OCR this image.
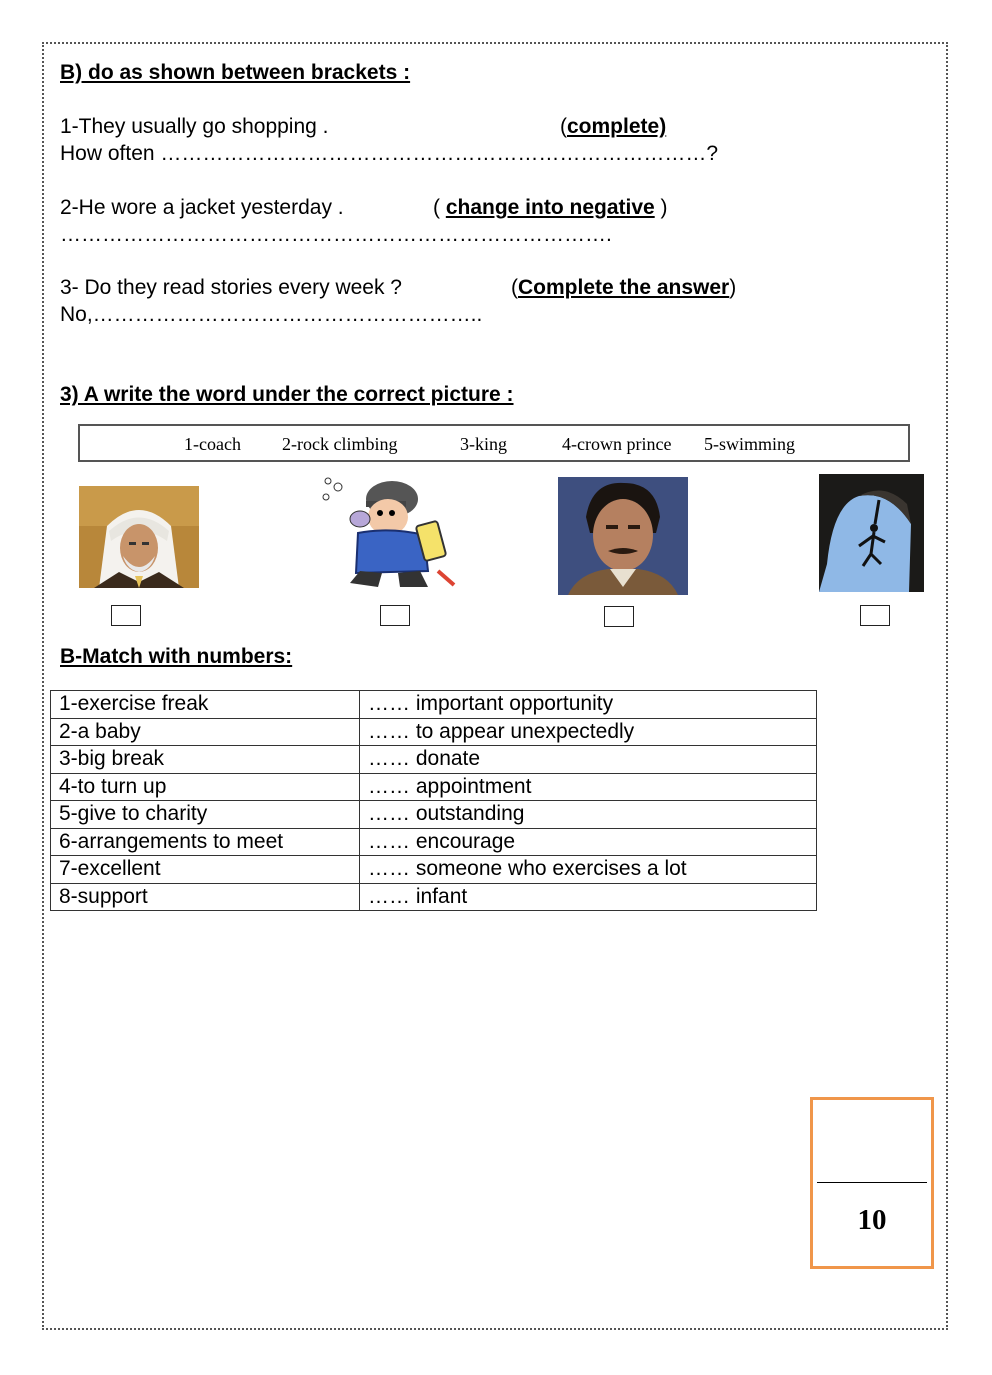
B) do as shown between brackets :
1-They usually go shopping .	(complete)
How often ……………………………………………………………………?
2-He wore a jacket yesterday .	( change into negative )
…………………………………………………………………….
3- Do they read stories every week ?	(Complete the answer)
No,………………………………………………..
3) A write the word under the correct picture :
1-coach 2-rock climbing	3-king	4-crown prince 5-swimming
B-Match with numbers:
1-exercise freak	…… important opportunity
2-a baby	…… to appear unexpectedly
3-big break	…… donate
4-to turn up	…… appointment
5-give to charity	…… outstanding
6-arrangements to meet	…… encourage
7-excellent	…… someone who exercises a lot
8-support	…… infant
10
